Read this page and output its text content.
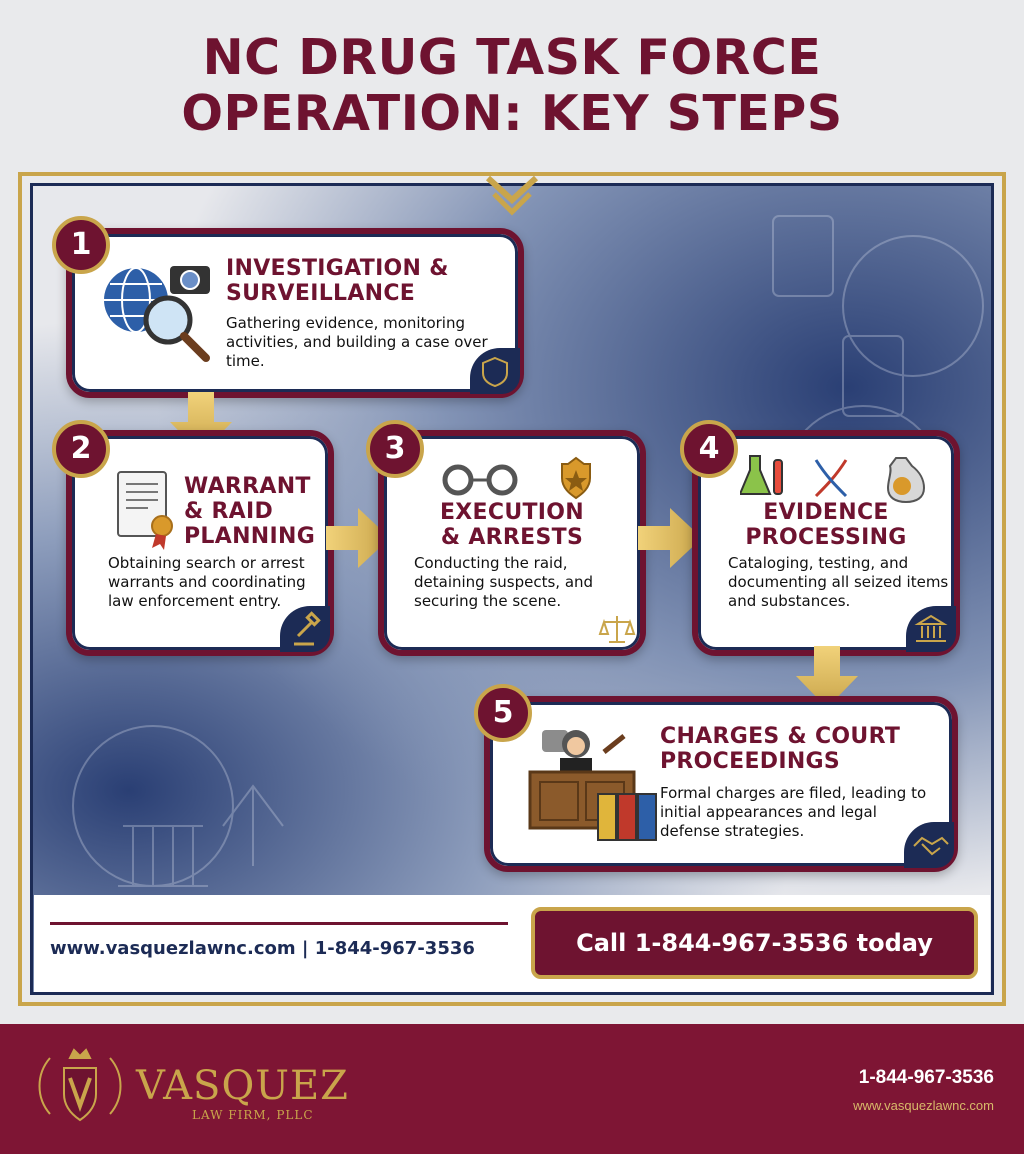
NC DRUG TASK FORCE
OPERATION: KEY STEPS
INVESTIGATION &
SURVEILLANCE
Gathering evidence, monitoring activities, and building a case over time.
1
WARRANT
& RAID
PLANNING
Obtaining search or arrest warrants and coordinating law enforcement entry.
2
EXECUTION
& ARRESTS
Conducting the raid, detaining suspects, and securing the scene.
3
EVIDENCE
PROCESSING
Cataloging, testing, and documenting all seized items and substances.
4
CHARGES & COURT
PROCEEDINGS
Formal charges are filed, leading to initial appearances and legal defense strategies.
5
www.vasquezlawnc.com | 1-844-967-3536	Call 1-844-967-3536 today
VASQUEZ
LAW FIRM, PLLC
1-844-967-3536
www.vasquezlawnc.com
